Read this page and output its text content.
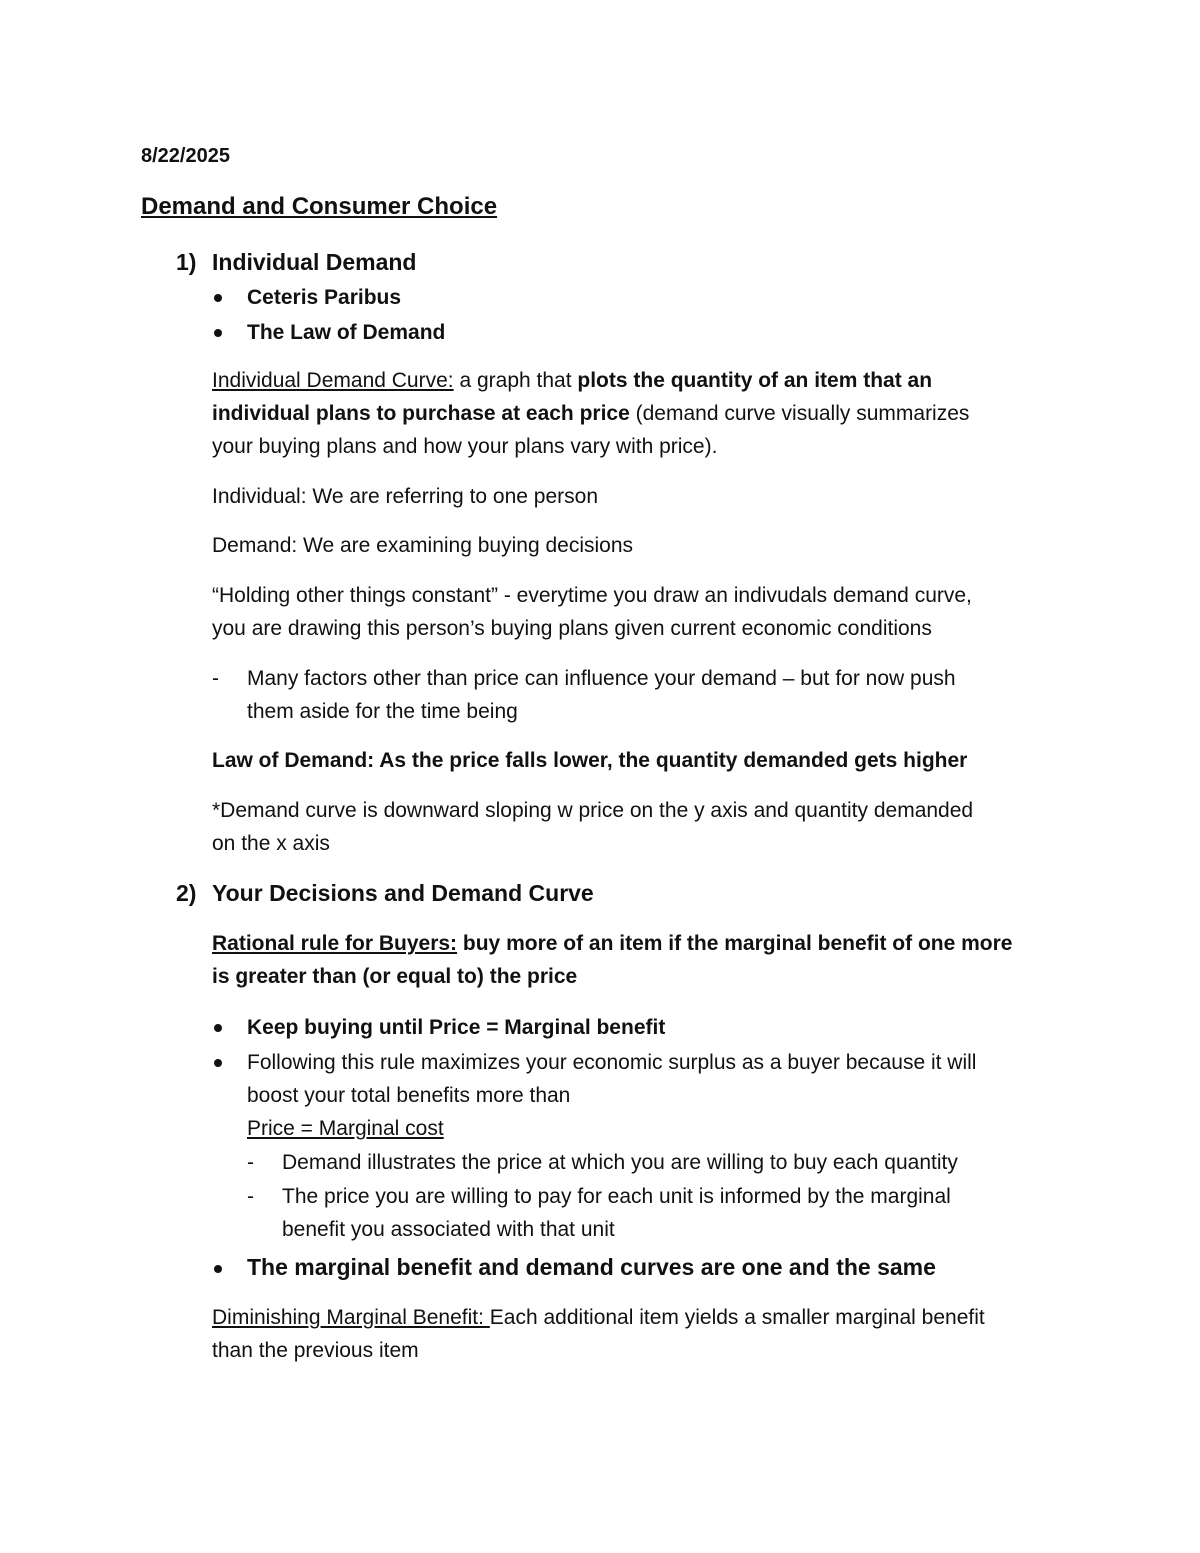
8/22/2025
Demand and Consumer Choice
1) Individual Demand
Ceteris Paribus
The Law of Demand
Individual Demand Curve: a graph that plots the quantity of an item that an
individual plans to purchase at each price (demand curve visually summarizes
your buying plans and how your plans vary with price).
Individual: We are referring to one person
Demand: We are examining buying decisions
“Holding other things constant” - everytime you draw an indivudals demand curve,
you are drawing this person’s buying plans given current economic conditions
- Many factors other than price can influence your demand – but for now push
them aside for the time being
Law of Demand: As the price falls lower, the quantity demanded gets higher
*Demand curve is downward sloping w price on the y axis and quantity demanded
on the x axis
2) Your Decisions and Demand Curve
Rational rule for Buyers: buy more of an item if the marginal benefit of one more
is greater than (or equal to) the price
Keep buying until Price = Marginal benefit
Following this rule maximizes your economic surplus as a buyer because it will
boost your total benefits more than
Price = Marginal cost
- Demand illustrates the price at which you are willing to buy each quantity
- The price you are willing to pay for each unit is informed by the marginal
benefit you associated with that unit
The marginal benefit and demand curves are one and the same
Diminishing Marginal Benefit: Each additional item yields a smaller marginal benefit
than the previous item
